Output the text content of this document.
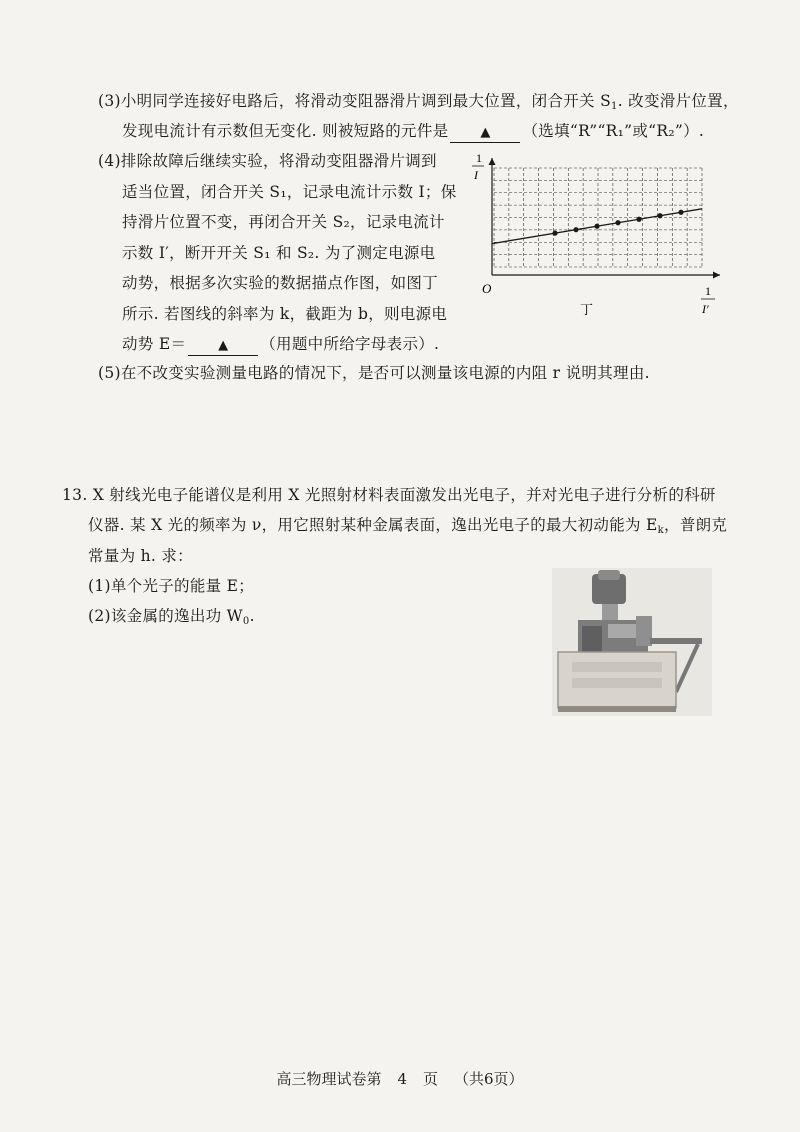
(3)小明同学连接好电路后，将滑动变阻器滑片调到最大位置，闭合开关 $S_1$. 改变滑片位置，
发现电流计有示数但无变化. 则被短路的元件是 ▲ （选填“R”“R₁”或“R₂”）.
(4)排除故障后继续实验，将滑动变阻器滑片调到
适当位置，闭合开关 S₁，记录电流计示数 I；保
持滑片位置不变，再闭合开关 S₂，记录电流计
示数 I′，断开开关 S₁ 和 S₂. 为了测定电源电
动势，根据多次实验的数据描点作图，如图丁
所示. 若图线的斜率为 k，截距为 b，则电源电
动势 E＝ ▲ （用题中所给字母表示）.
1
I
O	1
I′
丁
(5)在不改变实验测量电路的情况下，是否可以测量该电源的内阻 r 说明其理由.
13. X 射线光电子能谱仪是利用 X 光照射材料表面激发出光电子，并对光电子进行分析的科研
仪器. 某 X 光的频率为 ν，用它照射某种金属表面，逸出光电子的最大初动能为 $E_k$，普朗克
常量为 h. 求：
(1)单个光子的能量 E；
(2)该金属的逸出功 $W_0$.
高三物理试卷第 4 页 （共6页）
